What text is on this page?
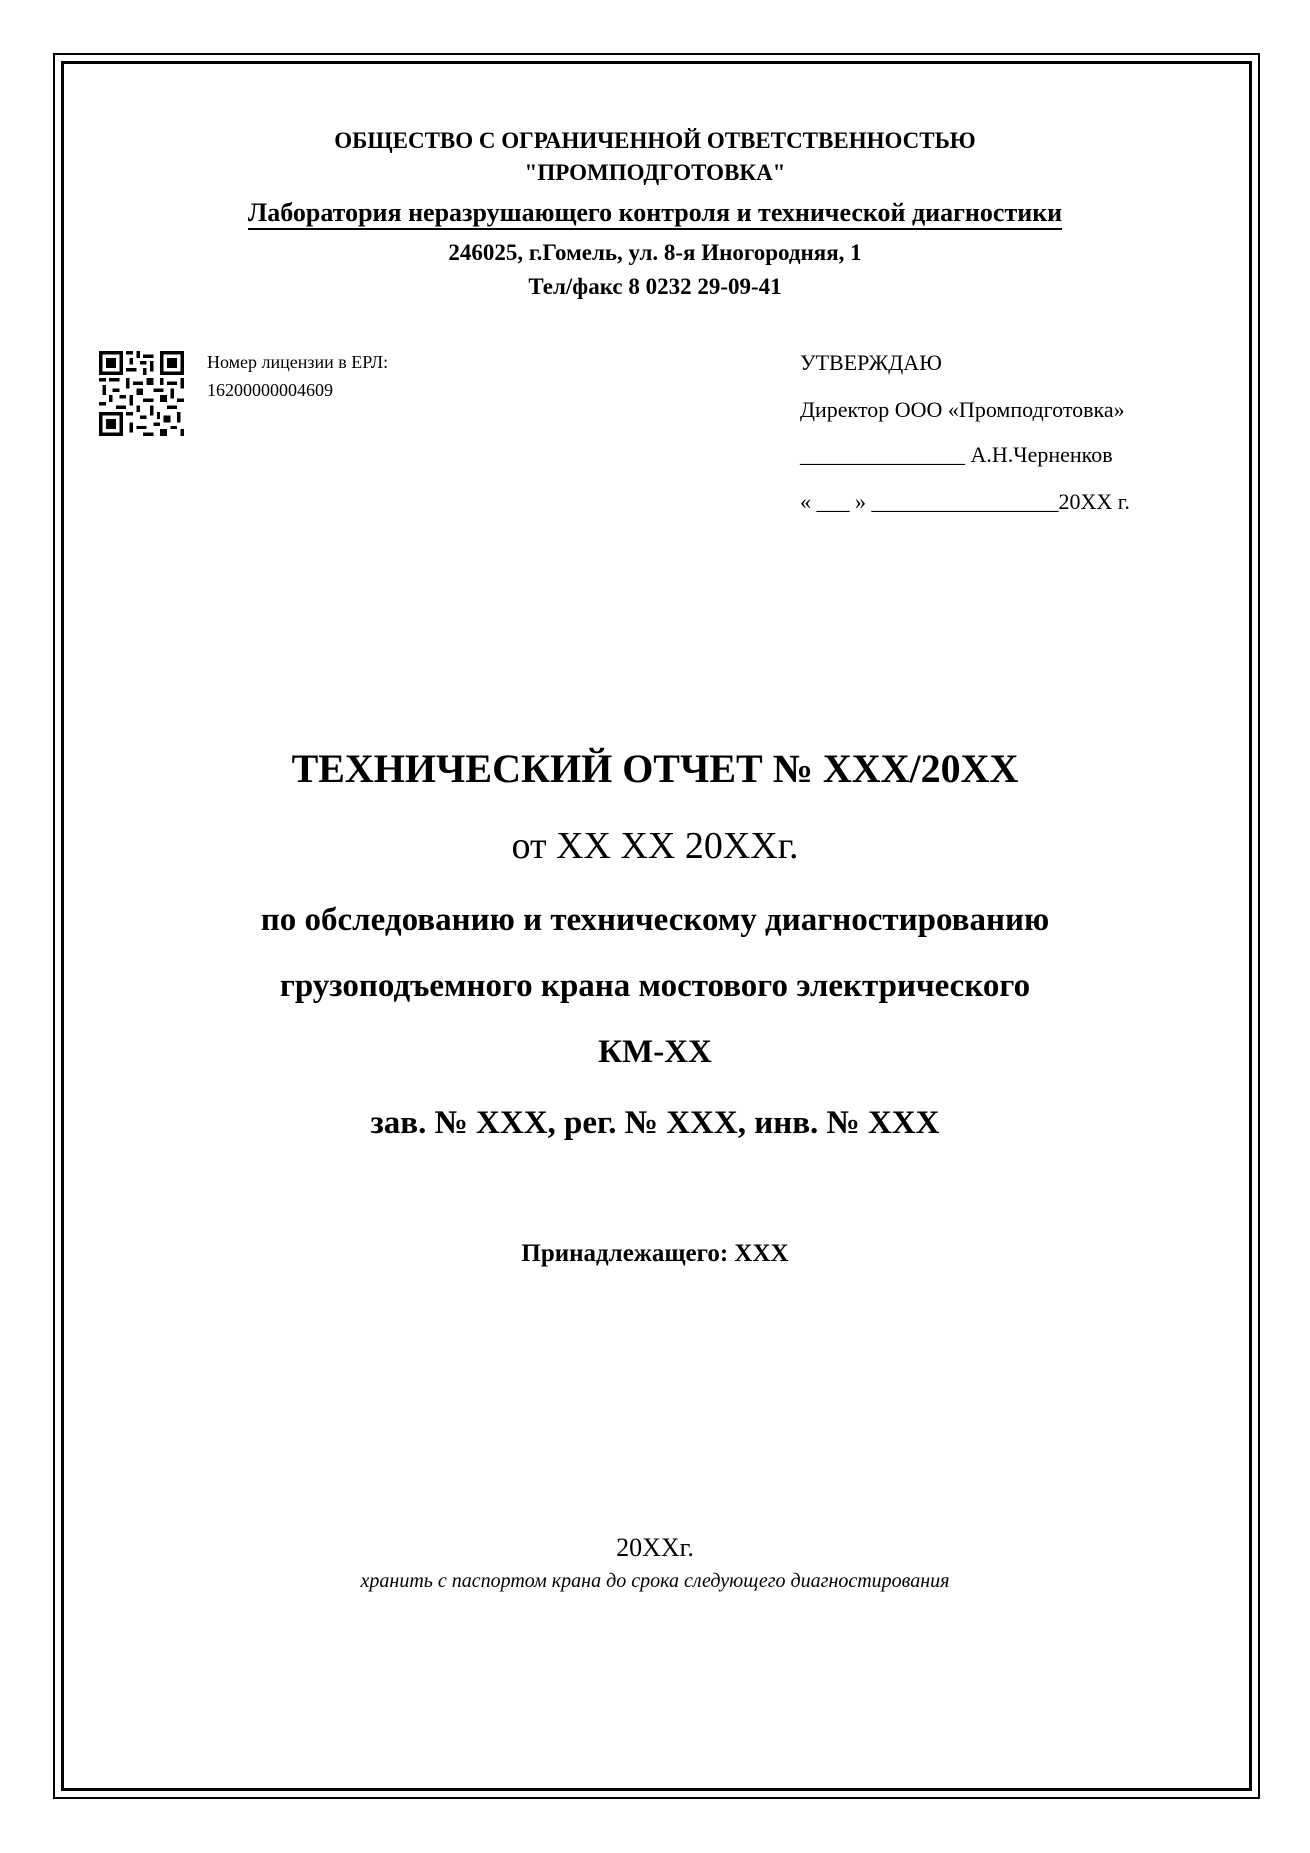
ОБЩЕСТВО С ОГРАНИЧЕННОЙ ОТВЕТСТВЕННОСТЬЮ
"ПРОМПОДГОТОВКА"
Лаборатория неразрушающего контроля и технической диагностики
246025, г.Гомель, ул. 8-я Иногородняя, 1
Тел/факс 8 0232 29-09-41
Номер лицензии в ЕРЛ:
16200000004609
УТВЕРЖДАЮ
Директор ООО «Промподготовка»
_______________ А.Н.Черненков
« ___ » _________________20ХХ г.
ТЕХНИЧЕСКИЙ ОТЧЕТ № ХХХ/20ХХ
от ХХ ХХ 20ХХг.
по обследованию и техническому диагностированию
грузоподъемного крана мостового электрического
КМ-ХХ
зав. № ХХХ, рег. № ХХХ, инв. № ХХХ
Принадлежащего: ХХХ
20ХХг.
хранить с паспортом крана до срока следующего диагностирования
